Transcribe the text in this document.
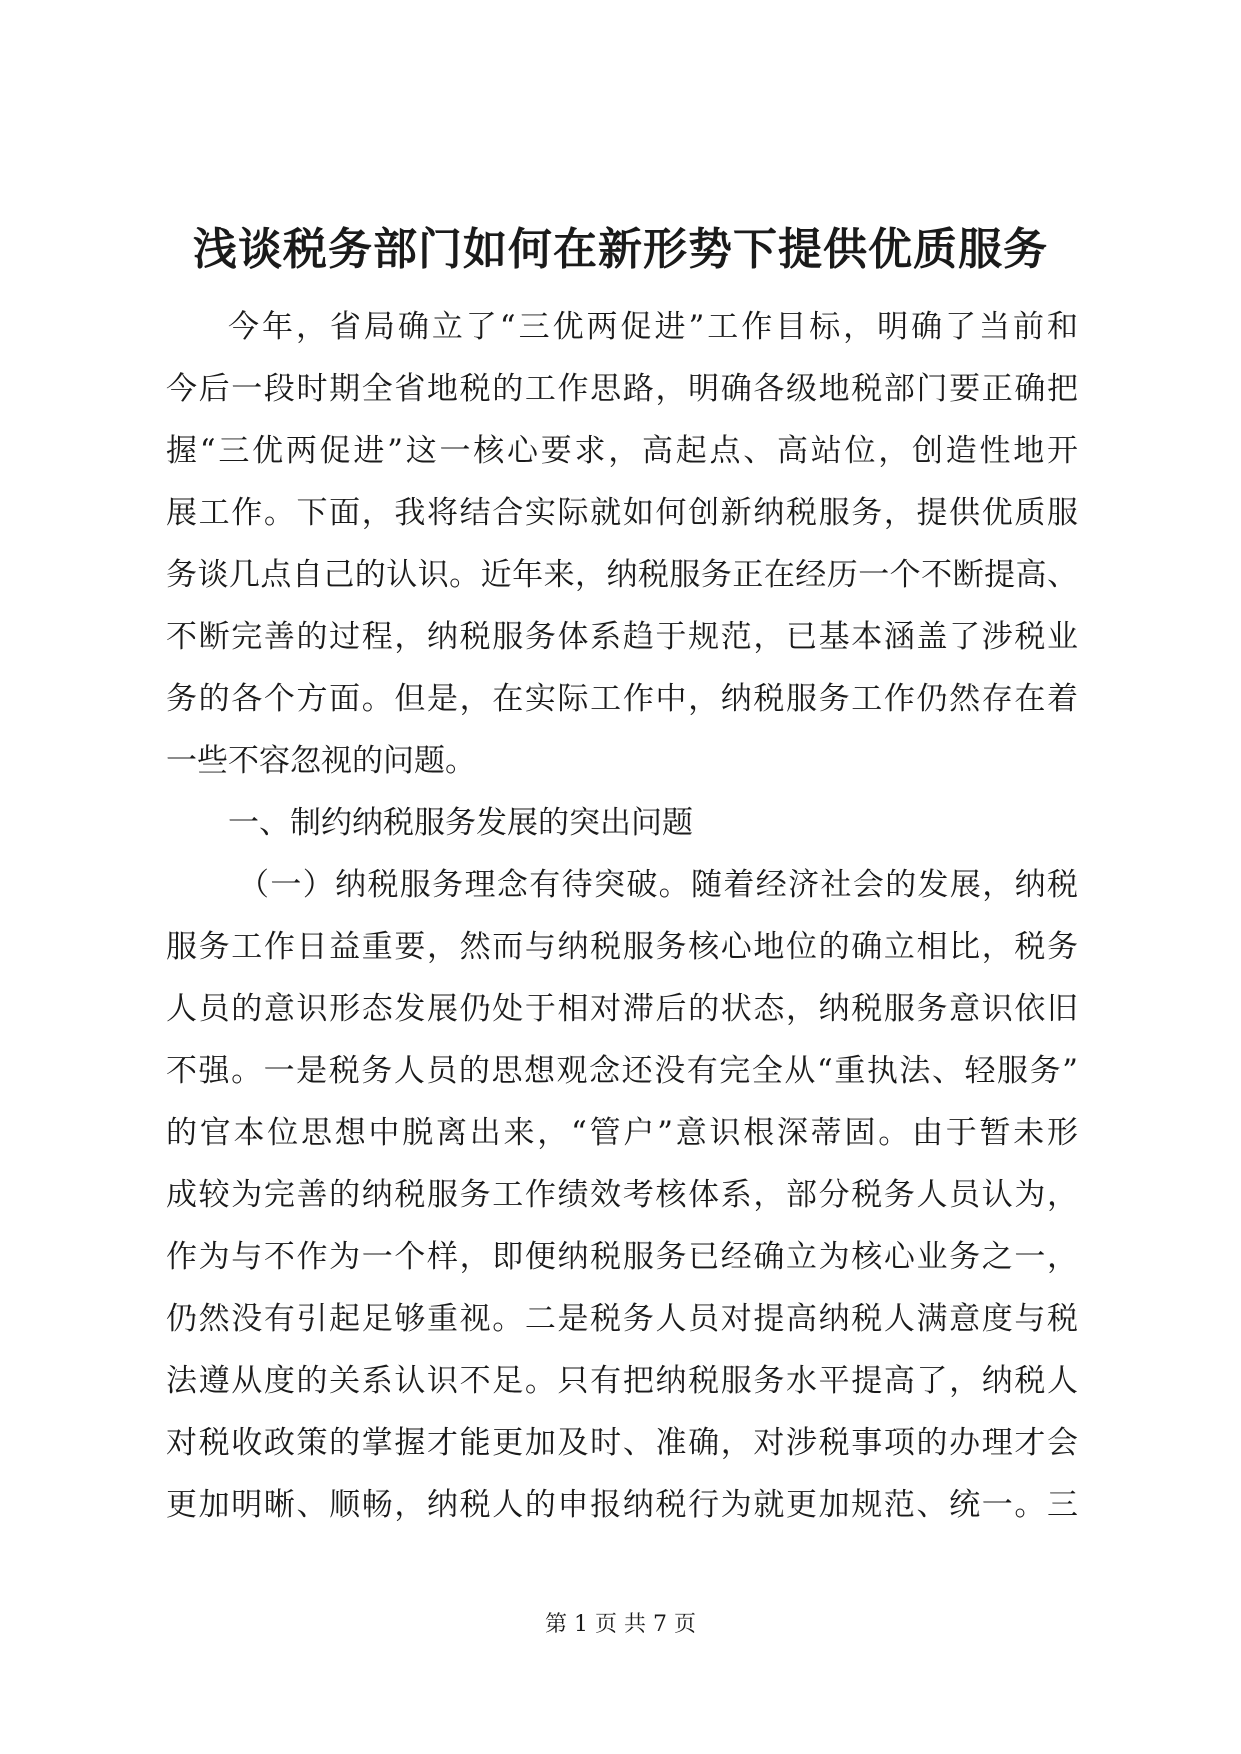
浅谈税务部门如何在新形势下提供优质服务
今年，省局确立了“三优两促进”工作目标，明确了当前和
今后一段时期全省地税的工作思路，明确各级地税部门要正确把
握“三优两促进”这一核心要求，高起点、高站位，创造性地开
展工作。下面，我将结合实际就如何创新纳税服务，提供优质服
务谈几点自己的认识。近年来，纳税服务正在经历一个不断提高、
不断完善的过程，纳税服务体系趋于规范，已基本涵盖了涉税业
务的各个方面。但是，在实际工作中，纳税服务工作仍然存在着
一些不容忽视的问题。
一、制约纳税服务发展的突出问题
（一）纳税服务理念有待突破。随着经济社会的发展，纳税
服务工作日益重要，然而与纳税服务核心地位的确立相比，税务
人员的意识形态发展仍处于相对滞后的状态，纳税服务意识依旧
不强。一是税务人员的思想观念还没有完全从“重执法、轻服务”
的官本位思想中脱离出来，“管户”意识根深蒂固。由于暂未形
成较为完善的纳税服务工作绩效考核体系，部分税务人员认为，
作为与不作为一个样，即便纳税服务已经确立为核心业务之一，
仍然没有引起足够重视。二是税务人员对提高纳税人满意度与税
法遵从度的关系认识不足。只有把纳税服务水平提高了，纳税人
对税收政策的掌握才能更加及时、准确，对涉税事项的办理才会
更加明晰、顺畅，纳税人的申报纳税行为就更加规范、统一。三
第 1 页 共 7 页
